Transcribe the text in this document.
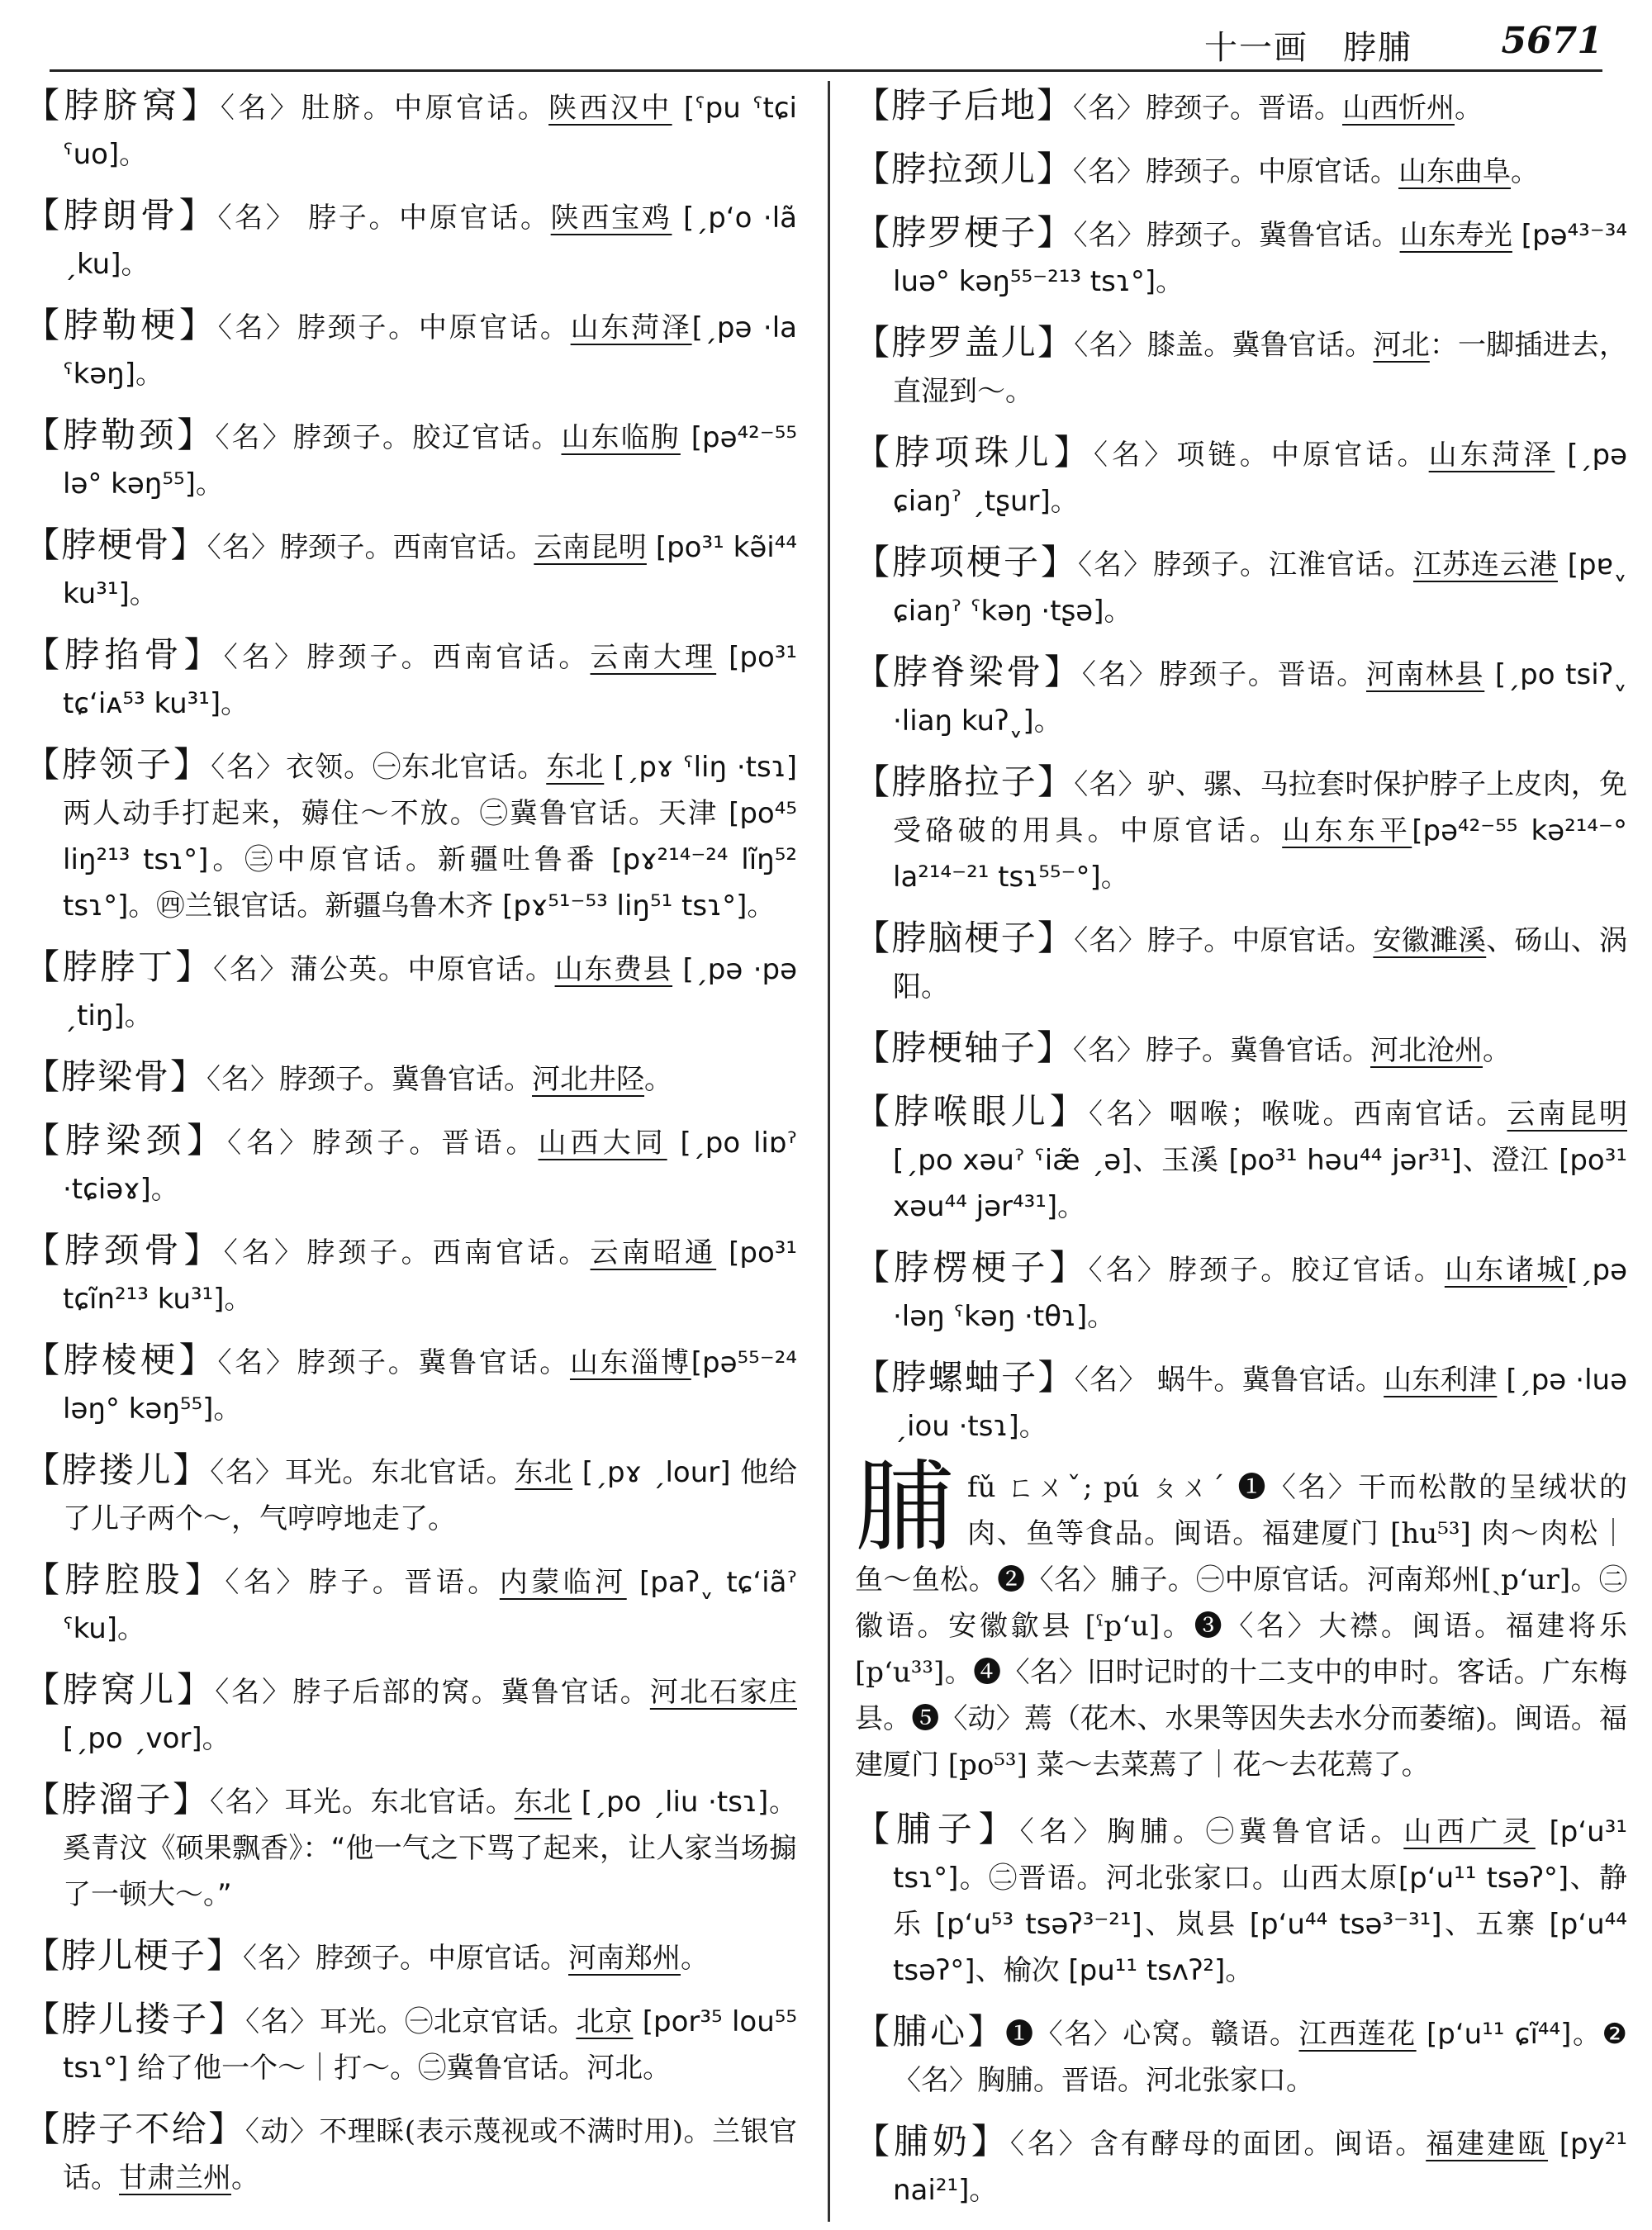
十一画　脖脯 5671
【脖脐窝】〈名〉肚脐。中原官话。陕西汉中 [ˁpu ˁtɕi ˁuo]。
【脖朗骨】〈名〉 脖子。中原官话。陕西宝鸡 [ˏpʻo ·lã ˏku]。
【脖勒梗】〈名〉脖颈子。中原官话。山东菏泽[ˏpə ·la ˁkəŋ]。
【脖勒颈】〈名〉脖颈子。胶辽官话。山东临朐 [pə⁴²⁻⁵⁵ lə° kəŋ⁵⁵]。
【脖梗骨】〈名〉脖颈子。西南官话。云南昆明 [po³¹ kə̃i⁴⁴ ku³¹]。
【脖掐骨】〈名〉脖颈子。西南官话。云南大理 [po³¹ tɕʻiᴀ⁵³ ku³¹]。
【脖领子】〈名〉衣领。㊀东北官话。东北 [ˏpɤ ˁliŋ ·tsɿ]两人动手打起来，薅住～不放。㊁冀鲁官话。天津 [po⁴⁵ liŋ²¹³ tsɿ°]。㊂中原官话。新疆吐鲁番 [pɤ²¹⁴⁻²⁴ lĩŋ⁵² tsɿ°]。㊃兰银官话。新疆乌鲁木齐 [pɤ⁵¹⁻⁵³ liŋ⁵¹ tsɿ°]。
【脖脖丁】〈名〉蒲公英。中原官话。山东费县 [ˏpə ·pə ˏtiŋ]。
【脖梁骨】〈名〉脖颈子。冀鲁官话。河北井陉。
【脖梁颈】〈名〉脖颈子。晋语。山西大同 [ˏpo liɒˀ ·tɕiəɤ]。
【脖颈骨】〈名〉脖颈子。西南官话。云南昭通 [po³¹ tɕĩn²¹³ ku³¹]。
【脖棱梗】〈名〉脖颈子。冀鲁官话。山东淄博[pə⁵⁵⁻²⁴ ləŋ° kəŋ⁵⁵]。
【脖搂儿】〈名〉耳光。东北官话。东北 [ˏpɤ ˏlour] 他给了儿子两个～，气哼哼地走了。
【脖腔股】〈名〉脖子。晋语。内蒙临河 [paʔˬ tɕʻiãˀ ˁku]。
【脖窝儿】〈名〉脖子后部的窝。冀鲁官话。河北石家庄 [ˏpo ˏvor]。
【脖溜子】〈名〉耳光。东北官话。东北 [ˏpo ˏliu ·tsɿ]。奚青汶《硕果飘香》：“他一气之下骂了起来，让人家当场搧了一顿大～。”
【脖儿梗子】〈名〉脖颈子。中原官话。河南郑州。
【脖儿搂子】〈名〉耳光。㊀北京官话。北京 [por³⁵ lou⁵⁵ tsɿ°] 给了他一个～｜打～。㊁冀鲁官话。河北。
【脖子不给】〈动〉不理睬(表示蔑视或不满时用)。兰银官话。甘肃兰州。
【脖子后地】〈名〉脖颈子。晋语。山西忻州。
【脖拉颈儿】〈名〉脖颈子。中原官话。山东曲阜。
【脖罗梗子】〈名〉脖颈子。冀鲁官话。山东寿光 [pə⁴³⁻³⁴ luə° kəŋ⁵⁵⁻²¹³ tsɿ°]。
【脖罗盖儿】〈名〉膝盖。冀鲁官话。河北：一脚插进去，直湿到～。
【脖项珠儿】〈名〉项链。中原官话。山东菏泽 [ˏpə ɕiaŋˀ ˏtʂur]。
【脖项梗子】〈名〉脖颈子。江淮官话。江苏连云港 [pɐˬ ɕiaŋˀ ˁkəŋ ·tʂə]。
【脖脊梁骨】〈名〉脖颈子。晋语。河南林县 [ˏpo tsiʔˬ ·liaŋ kuʔˬ]。
【脖胳拉子】〈名〉驴、骡、马拉套时保护脖子上皮肉，免受硌破的用具。中原官话。山东东平[pə⁴²⁻⁵⁵ kə²¹⁴⁻° la²¹⁴⁻²¹ tsɿ⁵⁵⁻°]。
【脖脑梗子】〈名〉脖子。中原官话。安徽濉溪、砀山、涡阳。
【脖梗轴子】〈名〉脖子。冀鲁官话。河北沧州。
【脖喉眼儿】〈名〉咽喉；喉咙。西南官话。云南昆明 [ˏpo xəuˀ ˁiæ̃ ˏə]、玉溪 [po³¹ həu⁴⁴ jər³¹]、澄江 [po³¹ xəu⁴⁴ jər⁴³¹]。
【脖楞梗子】〈名〉脖颈子。胶辽官话。山东诸城[ˏpə ·ləŋ ˁkəŋ ·tθɿ]。
【脖螺蚰子】〈名〉 蜗牛。冀鲁官话。山东利津 [ˏpə ·luə ˏiou ·tsɿ]。
脯 fǔ ㄈㄨˇ; pú ㄆㄨˊ ❶〈名〉干而松散的呈绒状的肉、鱼等食品。闽语。福建厦门 [hu⁵³] 肉～肉松｜鱼～鱼松。❷〈名〉脯子。㊀中原官话。河南郑州[ˏpʻur]。㊁徽语。安徽歙县 [ˁpʻu]。❸〈名〉大襟。闽语。福建将乐 [pʻu³³]。❹〈名〉旧时记时的十二支中的申时。客话。广东梅县。❺〈动〉蔫（花木、水果等因失去水分而萎缩)。闽语。福建厦门 [po⁵³] 菜～去菜蔫了｜花～去花蔫了。
【脯子】〈名〉胸脯。㊀冀鲁官话。山西广灵 [pʻu³¹ tsɿ°]。㊁晋语。河北张家口。山西太原[pʻu¹¹ tsəʔ°]、静乐 [pʻu⁵³ tsəʔ³⁻²¹]、岚县 [pʻu⁴⁴ tsə³⁻³¹]、五寨 [pʻu⁴⁴ tsəʔ°]、榆次 [pu¹¹ tsʌʔ²]。
【脯心】❶〈名〉心窝。赣语。江西莲花 [pʻu¹¹ ɕĩ⁴⁴]。❷〈名〉胸脯。晋语。河北张家口。
【脯奶】〈名〉含有酵母的面团。闽语。福建建瓯 [py²¹ nai²¹]。
